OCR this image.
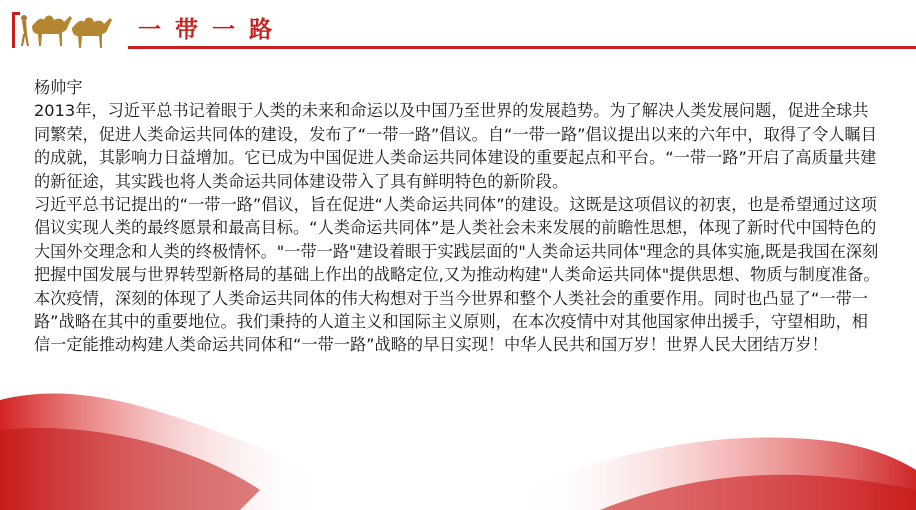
一 带 一 路

杨帅宇

2013年，习近平总书记着眼于人类的未来和命运以及中国乃至世界的发展趋势。为了解决人类发展问题，促进全球共同繁荣，促进人类命运共同体的建设，发布了“一带一路”倡议。自“一带一路”倡议提出以来的六年中，取得了令人瞩目的成就，其影响力日益增加。它已成为中国促进人类命运共同体建设的重要起点和平台。“一带一路”开启了高质量共建的新征途，其实践也将人类命运共同体建设带入了具有鲜明特色的新阶段。

习近平总书记提出的“一带一路”倡议，旨在促进“人类命运共同体”的建设。这既是这项倡议的初衷，也是希望通过这项倡议实现人类的最终愿景和最高目标。“人类命运共同体”是人类社会未来发展的前瞻性思想，体现了新时代中国特色的大国外交理念和人类的终极情怀。"一带一路"建设着眼于实践层面的"人类命运共同体"理念的具体实施,既是我国在深刻把握中国发展与世界转型新格局的基础上作出的战略定位,又为推动构建"人类命运共同体"提供思想、物质与制度准备。

本次疫情，深刻的体现了人类命运共同体的伟大构想对于当今世界和整个人类社会的重要作用。同时也凸显了“一带一路”战略在其中的重要地位。我们秉持的人道主义和国际主义原则，在本次疫情中对其他国家伸出援手，守望相助，相信一定能推动构建人类命运共同体和“一带一路”战略的早日实现！中华人民共和国万岁！世界人民大团结万岁！
